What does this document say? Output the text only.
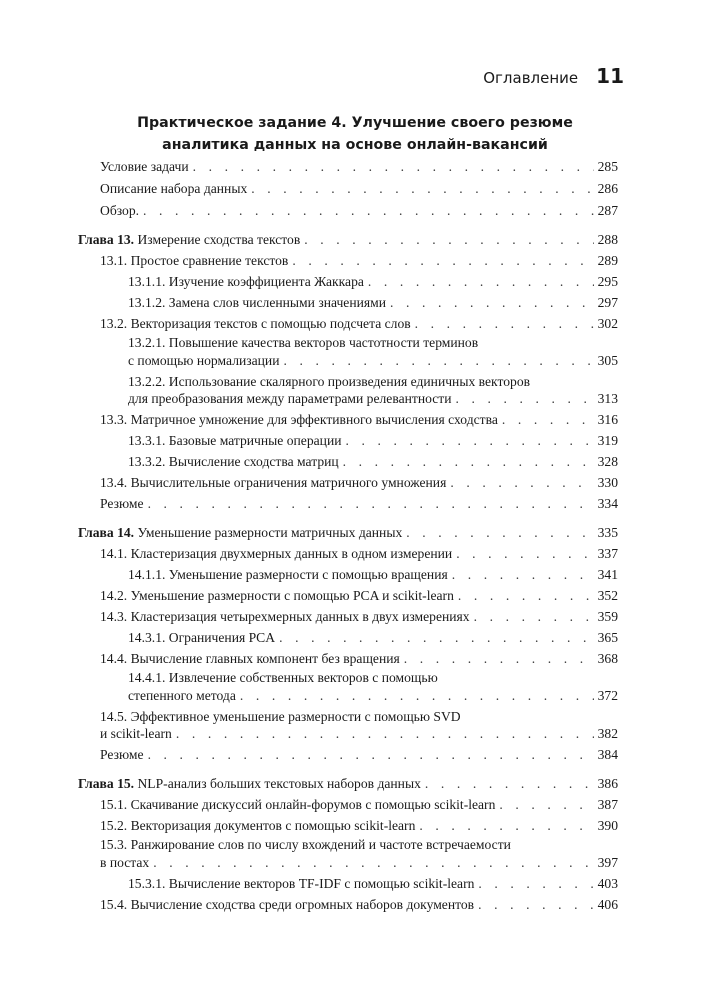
Оглавление 11
Практическое задание 4. Улучшение своего резюме
аналитика данных на основе онлайн-вакансий
Условие задачи . . .	285
Описание набора данных . . .	286
Обзор. . . .	287
Глава 13. Измерение сходства текстов . . .	288
13.1. Простое сравнение текстов . . .	289
13.1.1. Изучение коэффициента Жаккара . . .	295
13.1.2. Замена слов численными значениями . . .	297
13.2. Векторизация текстов с помощью подсчета слов . . .	302
13.2.1. Повышение качества векторов частотности терминов
с помощью нормализации . . .	305
13.2.2. Использование скалярного произведения единичных векторов
для преобразования между параметрами релевантности . . .	313
13.3. Матричное умножение для эффективного вычисления сходства . . .	316
13.3.1. Базовые матричные операции . . .	319
13.3.2. Вычисление сходства матриц . . .	328
13.4. Вычислительные ограничения матричного умножения . . .	330
Резюме . . .	334
Глава 14. Уменьшение размерности матричных данных . . .	335
14.1. Кластеризация двухмерных данных в одном измерении . . .	337
14.1.1. Уменьшение размерности с помощью вращения . . .	341
14.2. Уменьшение размерности с помощью PCA и scikit-learn . . .	352
14.3. Кластеризация четырехмерных данных в двух измерениях . . .	359
14.3.1. Ограничения PCA . . .	365
14.4. Вычисление главных компонент без вращения . . .	368
14.4.1. Извлечение собственных векторов с помощью
степенного метода . . .	372
14.5. Эффективное уменьшение размерности с помощью SVD
и scikit-learn . . .	382
Резюме . . .	384
Глава 15. NLP-анализ больших текстовых наборов данных . . .	386
15.1. Скачивание дискуссий онлайн-форумов с помощью scikit-learn . . .	387
15.2. Векторизация документов с помощью scikit-learn . . .	390
15.3. Ранжирование слов по числу вхождений и частоте встречаемости
в постах . . .	397
15.3.1. Вычисление векторов TF-IDF с помощью scikit-learn . . .	403
15.4. Вычисление сходства среди огромных наборов документов . . .	406
